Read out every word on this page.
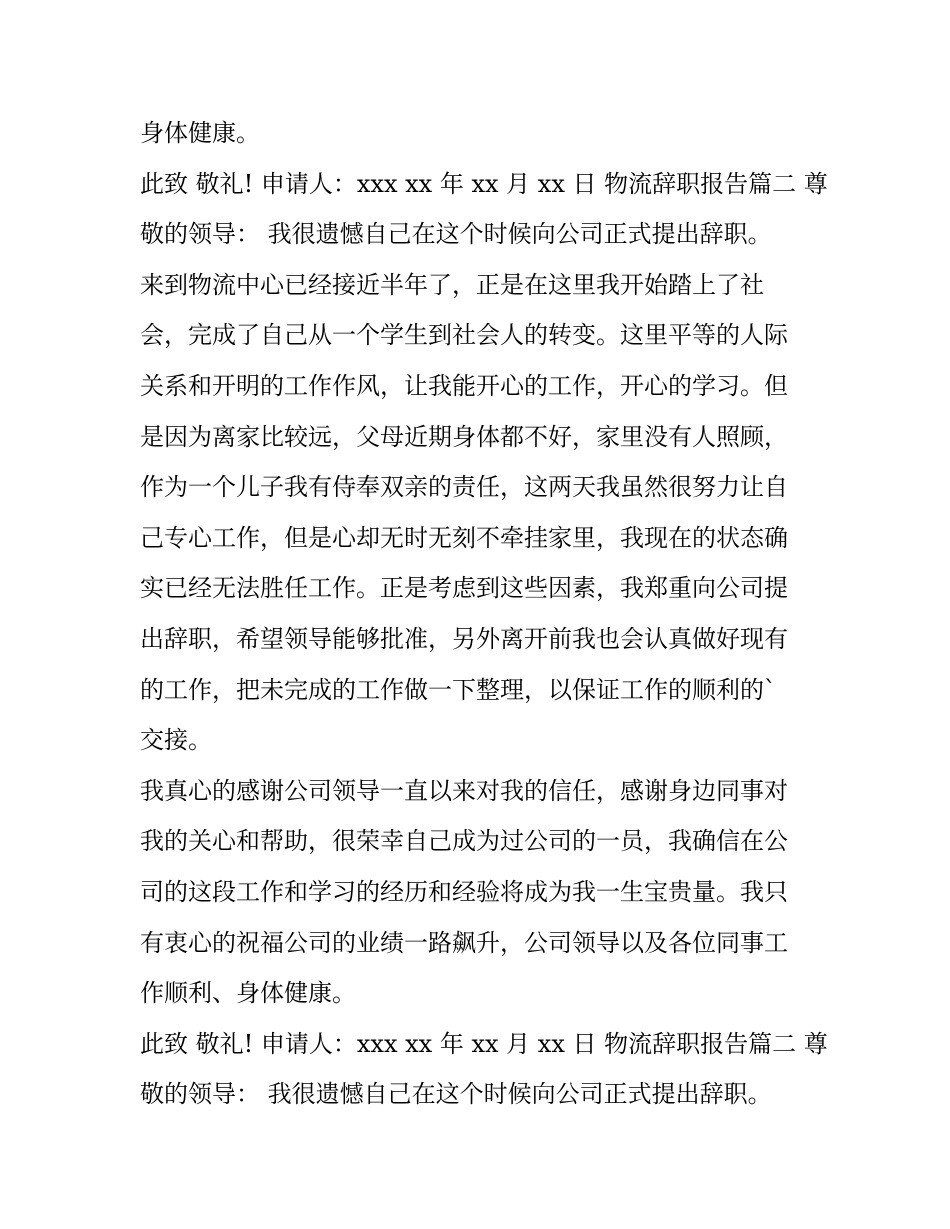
身体健康。
此致 敬礼! 申请人：xxx xx 年 xx 月 xx 日 物流辞职报告篇二 尊
敬的领导： 我很遗憾自己在这个时候向公司正式提出辞职。
来到物流中心已经接近半年了，正是在这里我开始踏上了社
会，完成了自己从一个学生到社会人的转变。这里平等的人际
关系和开明的工作作风，让我能开心的工作，开心的学习。但
是因为离家比较远，父母近期身体都不好，家里没有人照顾，
作为一个儿子我有侍奉双亲的责任，这两天我虽然很努力让自
己专心工作，但是心却无时无刻不牵挂家里，我现在的状态确
实已经无法胜任工作。正是考虑到这些因素，我郑重向公司提
出辞职，希望领导能够批准，另外离开前我也会认真做好现有
的工作，把未完成的工作做一下整理，以保证工作的顺利的`
交接。
我真心的感谢公司领导一直以来对我的信任，感谢身边同事对
我的关心和帮助，很荣幸自己成为过公司的一员，我确信在公
司的这段工作和学习的经历和经验将成为我一生宝贵量。我只
有衷心的祝福公司的业绩一路飙升，公司领导以及各位同事工
作顺利、身体健康。
此致 敬礼! 申请人：xxx xx 年 xx 月 xx 日 物流辞职报告篇二 尊
敬的领导： 我很遗憾自己在这个时候向公司正式提出辞职。
